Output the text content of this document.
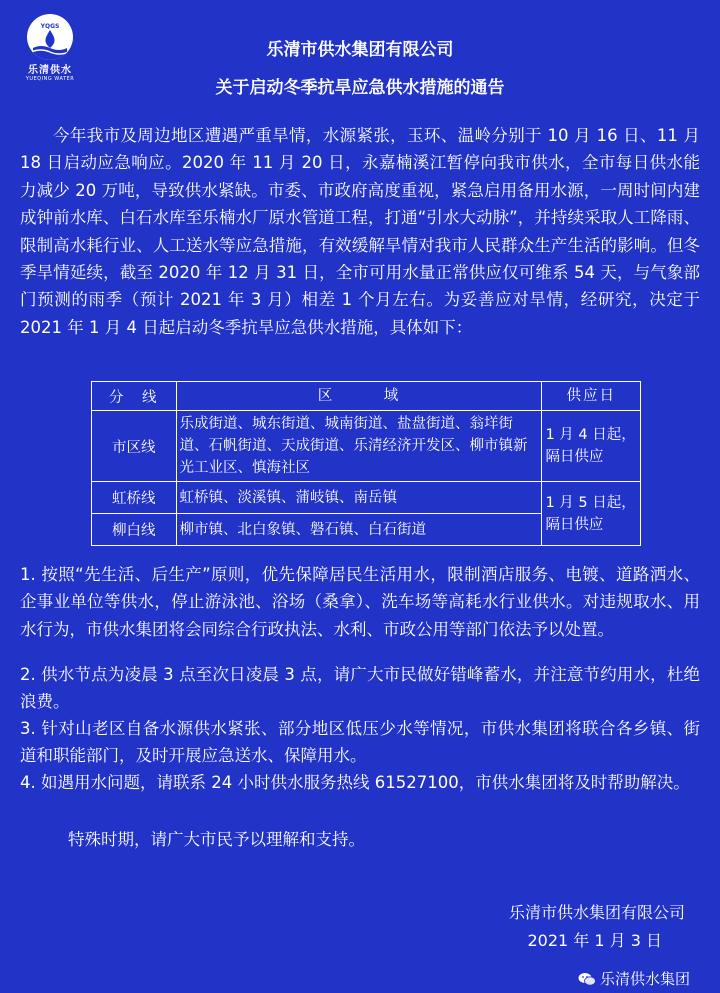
YQGS
乐清供水
YUEQING WATER
乐清市供水集团有限公司
关于启动冬季抗旱应急供水措施的通告
今年我市及周边地区遭遇严重旱情，水源紧张，玉环、温岭分别于 10 月 16 日、11 月 18 日启动应急响应。2020 年 11 月 20 日，永嘉楠溪江暂停向我市供水，全市每日供水能力减少 20 万吨，导致供水紧缺。市委、市政府高度重视，紧急启用备用水源，一周时间内建成钟前水库、白石水库至乐楠水厂原水管道工程，打通“引水大动脉”，并持续采取人工降雨、限制高水耗行业、人工送水等应急措施，有效缓解旱情对我市人民群众生产生活的影响。但冬季旱情延续，截至 2020 年 12 月 31 日，全市可用水量正常供应仅可维系 54 天，与气象部门预测的雨季（预计 2021 年 3 月）相差 1 个月左右。为妥善应对旱情，经研究，决定于 2021 年 1 月 4 日起启动冬季抗旱应急供水措施，具体如下：
分　线	区　　　域	供应日
市区线	乐成街道、城东街道、城南街道、盐盘街道、翁垟街道、石帆街道、天成街道、乐清经济开发区、柳市镇新光工业区、慎海社区	1 月 4 日起，隔日供应
虹桥线	虹桥镇、淡溪镇、蒲岐镇、南岳镇	1 月 5 日起，隔日供应
柳白线	柳市镇、北白象镇、磐石镇、白石街道	
1. 按照“先生活、后生产”原则，优先保障居民生活用水，限制酒店服务、电镀、道路洒水、企事业单位等供水，停止游泳池、浴场（桑拿）、洗车场等高耗水行业供水。对违规取水、用水行为，市供水集团将会同综合行政执法、水利、市政公用等部门依法予以处置。
2. 供水节点为凌晨 3 点至次日凌晨 3 点，请广大市民做好错峰蓄水，并注意节约用水，杜绝浪费。
3. 针对山老区自备水源供水紧张、部分地区低压少水等情况，市供水集团将联合各乡镇、街道和职能部门，及时开展应急送水、保障用水。
4. 如遇用水问题，请联系 24 小时供水服务热线 61527100，市供水集团将及时帮助解决。
特殊时期，请广大市民予以理解和支持。
乐清市供水集团有限公司
2021 年 1 月 3 日
乐清供水集团
